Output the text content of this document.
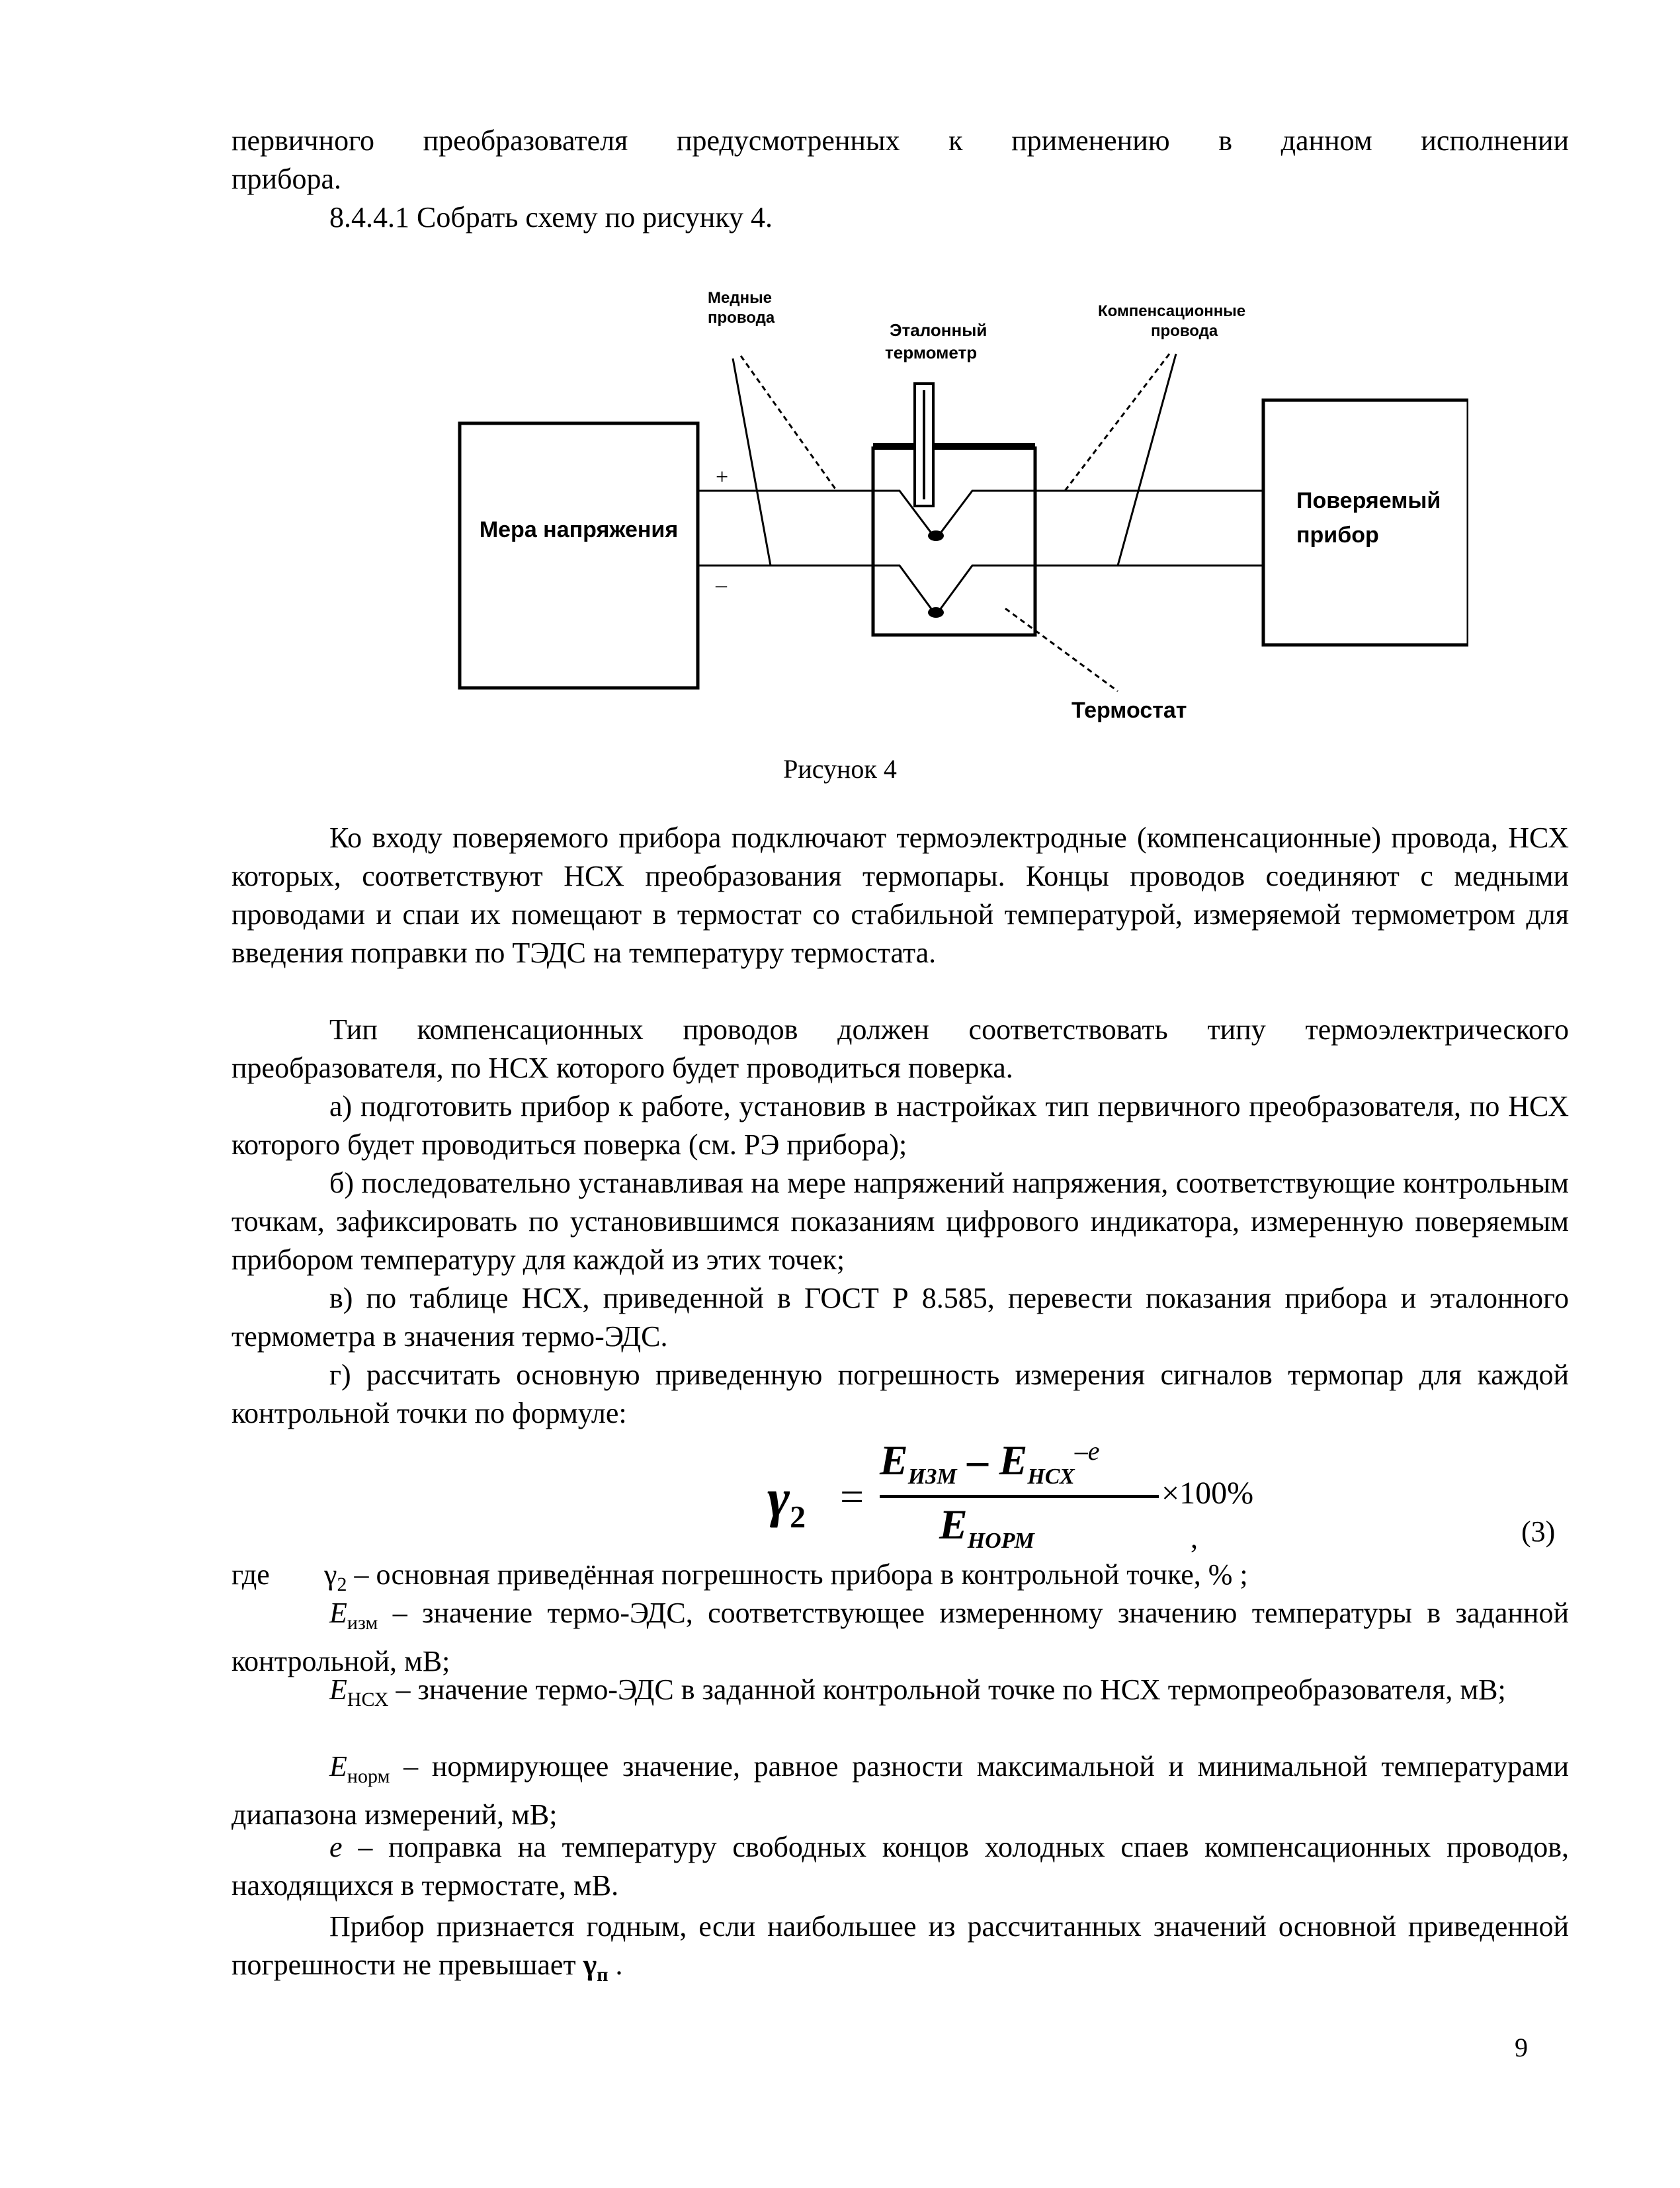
первичного преобразователя предусмотренных к применению в данном исполнении
прибора.
8.4.4.1 Собрать схему по рисунку 4.
Мера напряжения
Поверяемый
прибор
+
–
Медные
провода
Эталонный
термометр
Компенсационные
провода
Термостат
Рисунок 4
Ко входу поверяемого прибора подключают термоэлектродные (компенсационные) провода, НСХ которых, соответствуют НСХ преобразования термопары. Концы проводов соединяют с медными проводами и спаи их помещают в термостат со стабильной температурой, измеряемой термометром для введения поправки по ТЭДС на температуру термостата.
Тип компенсационных проводов должен соответствовать типу термоэлектрического преобразователя, по НСХ которого будет проводиться поверка.
а) подготовить прибор к работе, установив в настройках тип первичного преобразователя, по НСХ которого будет проводиться поверка (см. РЭ прибора);
б) последовательно устанавливая на мере напряжений напряжения, соответствующие контрольным точкам, зафиксировать по установившимся показаниям цифрового индикатора, измеренную поверяемым прибором температуру для каждой из этих точек;
в) по таблице НСХ, приведенной в ГОСТ Р 8.585, перевести показания прибора и эталонного термометра в значения термо-ЭДС.
г) рассчитать основную приведенную погрешность измерения сигналов термопар для каждой контрольной точки по формуле:
$\gamma_2$ =
$E_{ИЗМ} - E_{НСХ}^{-e}$
$E_{НОРМ}$
×100%
,	(3)
где $\gamma_2$ – основная приведённая погрешность прибора в контрольной точке, % ;
$E_{изм}$ – значение термо-ЭДС, соответствующее измеренному значению температуры в заданной контрольной, мВ;
$E_{НСХ}$ – значение термо-ЭДС в заданной контрольной точке по НСХ термопреобразователя, мВ;
$E_{норм}$ – нормирующее значение, равное разности максимальной и минимальной температурами диапазона измерений, мВ;
e – поправка на температуру свободных концов холодных спаев компенсационных проводов, находящихся в термостате, мВ.
Прибор признается годным, если наибольшее из рассчитанных значений основной приведенной погрешности не превышает $\gamma_п$ .
9
